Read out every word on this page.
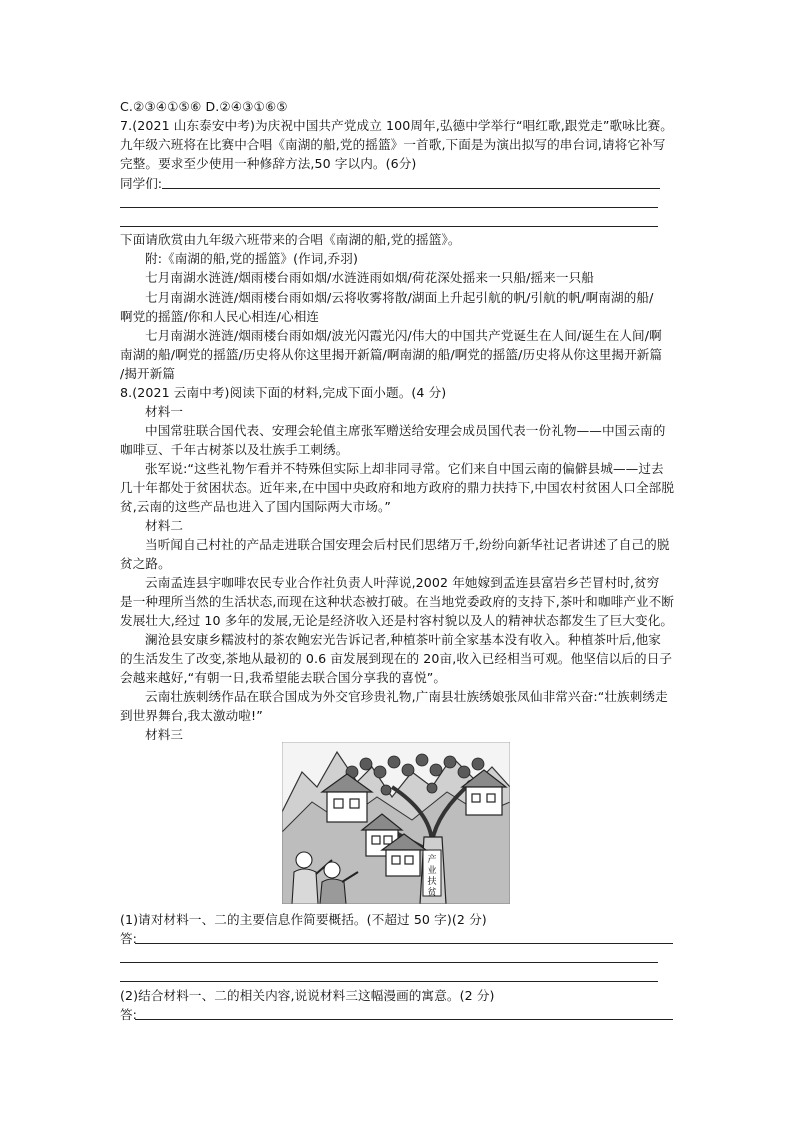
C.②③④①⑤⑥ D.②④③①⑥⑤
7.(2021 山东泰安中考)为庆祝中国共产党成立 100周年,弘德中学举行“唱红歌,跟党走”歌咏比赛。
九年级六班将在比赛中合唱《南湖的船,党的摇篮》一首歌,下面是为演出拟写的串台词,请将它补写
完整。要求至少使用一种修辞方法,50 字以内。(6分)
同学们:
下面请欣赏由九年级六班带来的合唱《南湖的船,党的摇篮》。
附:《南湖的船,党的摇篮》(作词,乔羽)
七月南湖水涟涟/烟雨楼台雨如烟/水涟涟雨如烟/荷花深处摇来一只船/摇来一只船
七月南湖水涟涟/烟雨楼台雨如烟/云将收雾将散/湖面上升起引航的帆/引航的帆/啊南湖的船/
啊党的摇篮/你和人民心相连/心相连
七月南湖水涟涟/烟雨楼台雨如烟/波光闪霞光闪/伟大的中国共产党诞生在人间/诞生在人间/啊
南湖的船/啊党的摇篮/历史将从你这里揭开新篇/啊南湖的船/啊党的摇篮/历史将从你这里揭开新篇
/揭开新篇
8.(2021 云南中考)阅读下面的材料,完成下面小题。(4 分)
材料一
中国常驻联合国代表、安理会轮值主席张军赠送给安理会成员国代表一份礼物——中国云南的
咖啡豆、千年古树茶以及壮族手工刺绣。
张军说:“这些礼物乍看并不特殊但实际上却非同寻常。它们来自中国云南的偏僻县城——过去
几十年都处于贫困状态。近年来,在中国中央政府和地方政府的鼎力扶持下,中国农村贫困人口全部脱
贫,云南的这些产品也进入了国内国际两大市场。”
材料二
当听闻自己村社的产品走进联合国安理会后村民们思绪万千,纷纷向新华社记者讲述了自己的脱
贫之路。
云南孟连县宇咖啡农民专业合作社负责人叶萍说,2002 年她嫁到孟连县富岩乡芒冒村时,贫穷
是一种理所当然的生活状态,而现在这种状态被打破。在当地党委政府的支持下,茶叶和咖啡产业不断
发展壮大,经过 10 多年的发展,无论是经济收入还是村容村貌以及人的精神状态都发生了巨大变化。
澜沧县安康乡糯波村的茶农鲍宏光告诉记者,种植茶叶前全家基本没有收入。种植茶叶后,他家
的生活发生了改变,茶地从最初的 0.6 亩发展到现在的 20亩,收入已经相当可观。他坚信以后的日子
会越来越好,“有朝一日,我希望能去联合国分享我的喜悦”。
云南壮族刺绣作品在联合国成为外交官珍贵礼物,广南县壮族绣娘张凤仙非常兴奋:“壮族刺绣走
到世界舞台,我太激动啦!”
材料三
产
业
扶
贫
(1)请对材料一、二的主要信息作简要概括。(不超过 50 字)(2 分)
答:
(2)结合材料一、二的相关内容,说说材料三这幅漫画的寓意。(2 分)
答:
